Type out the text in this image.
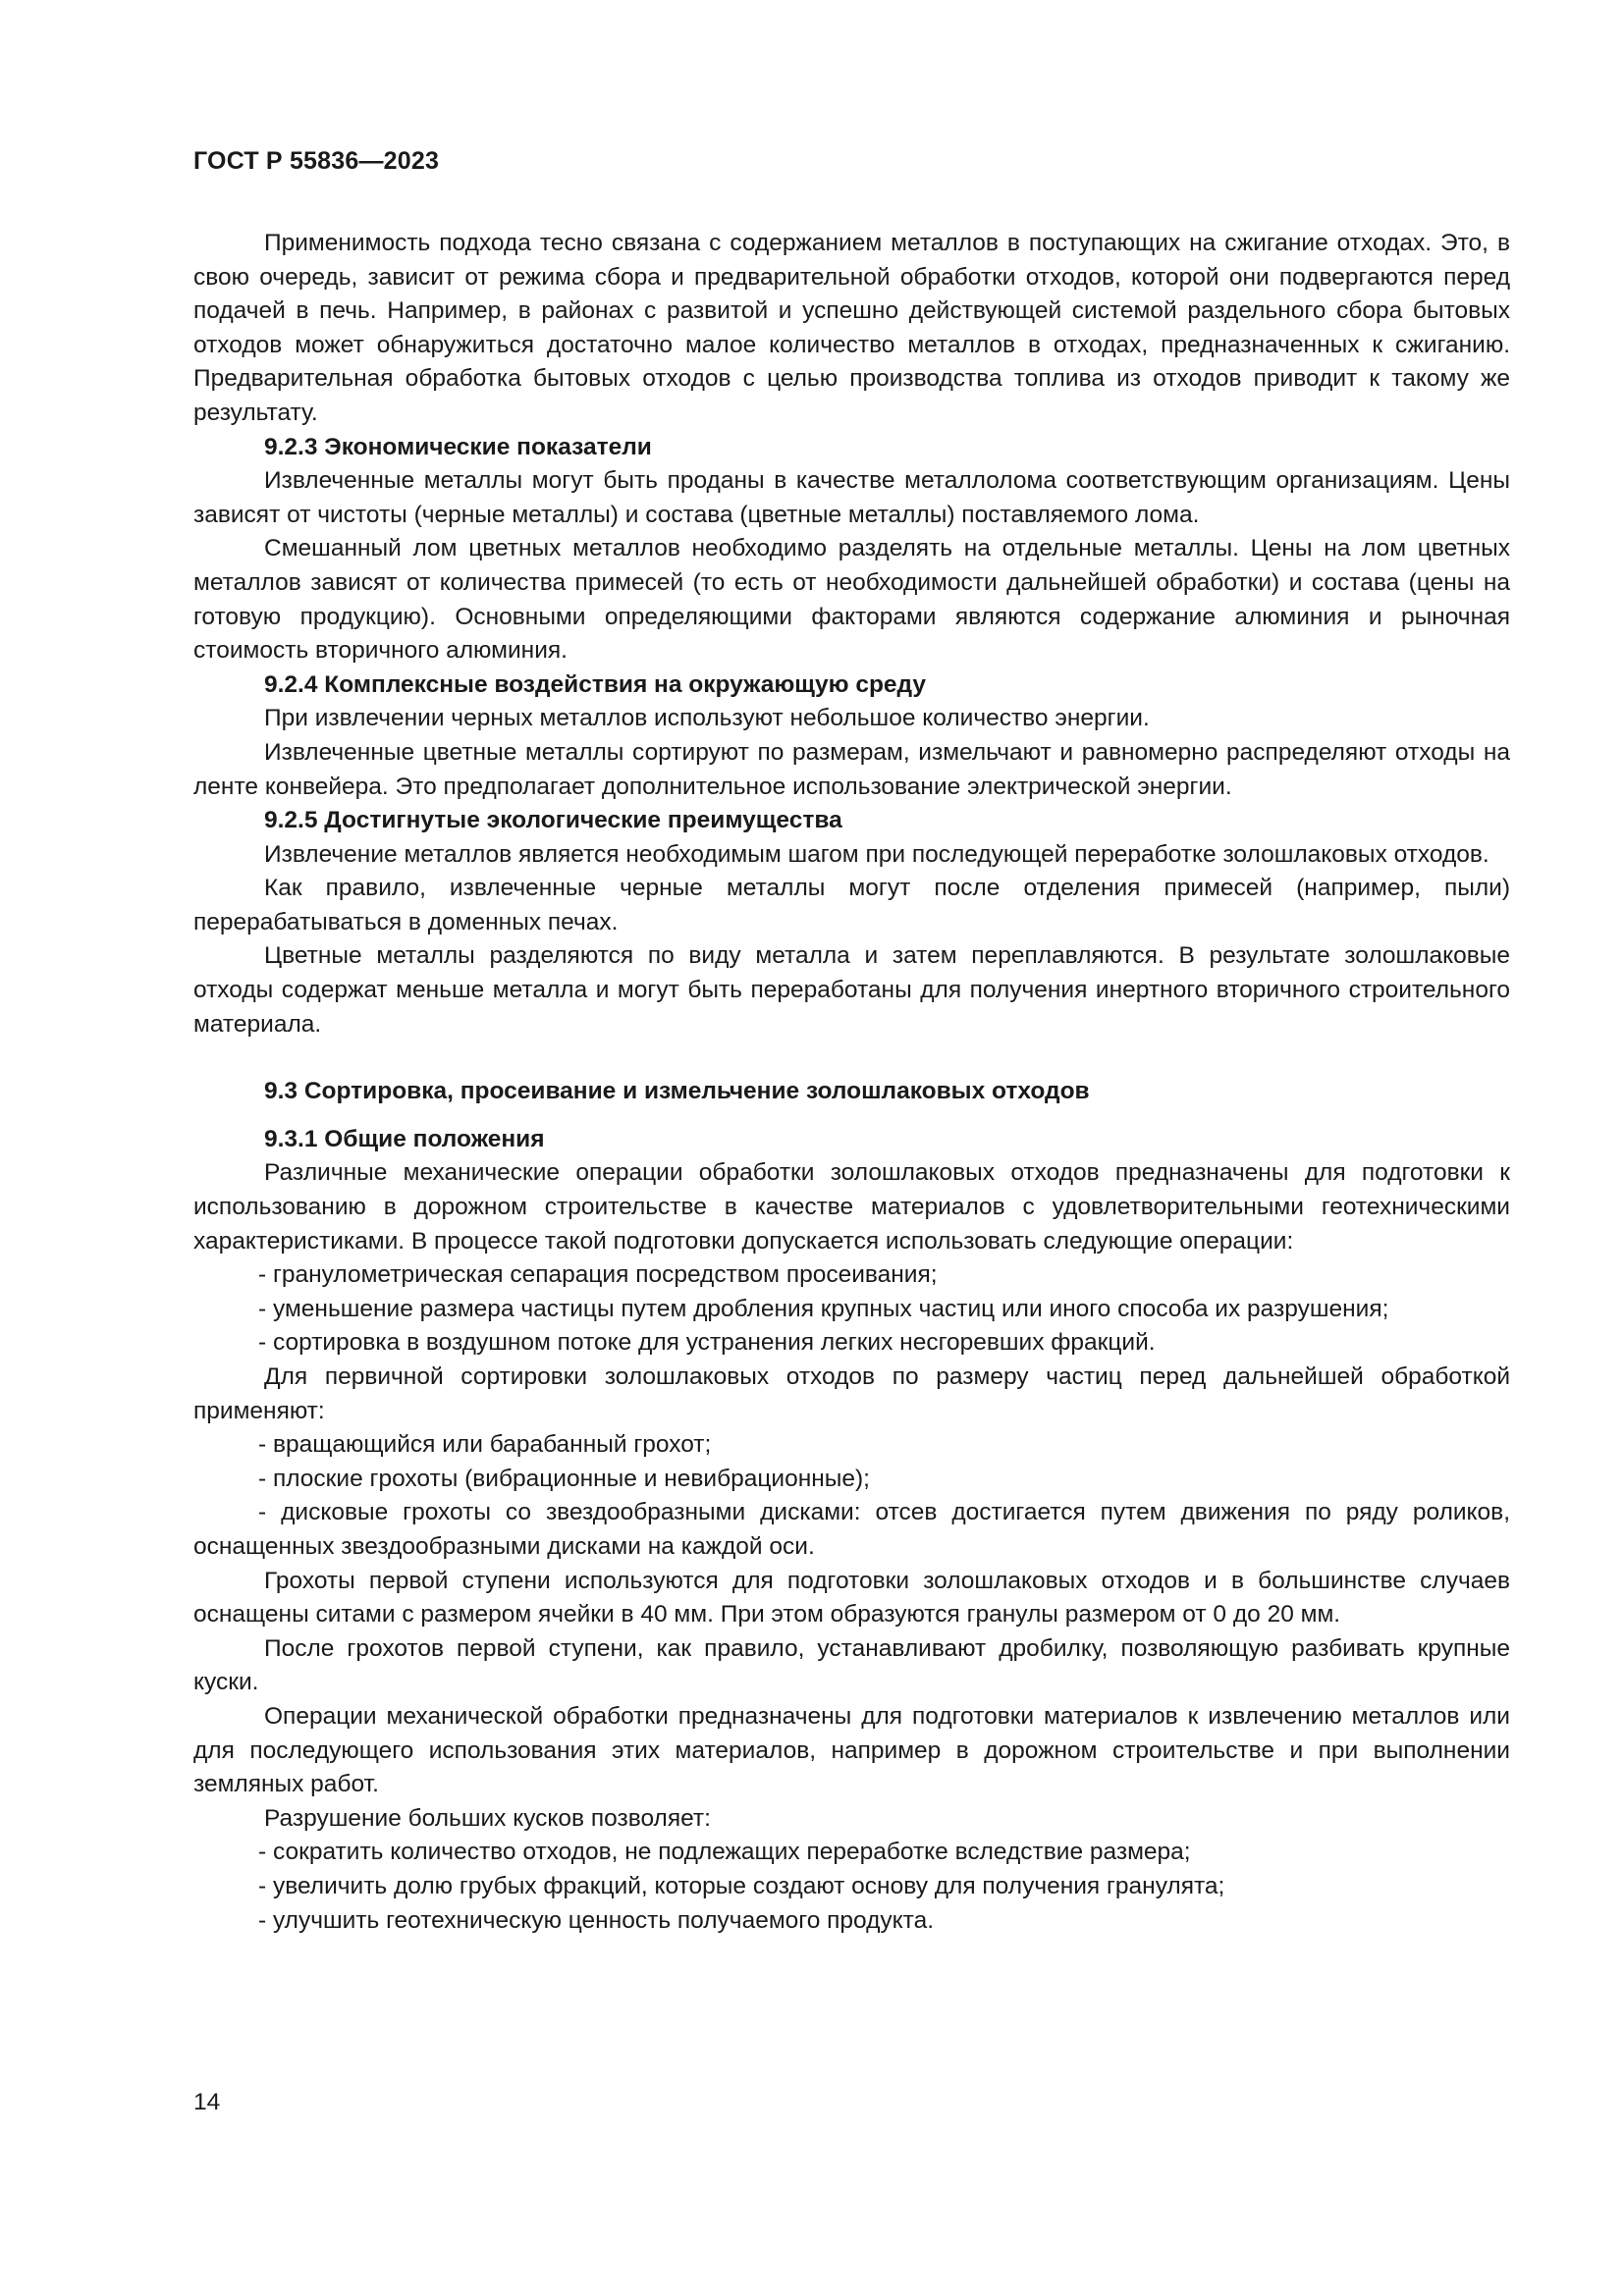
ГОСТ Р 55836—2023

Применимость подхода тесно связана с содержанием металлов в поступающих на сжигание отходах. Это, в свою очередь, зависит от режима сбора и предварительной обработки отходов, которой они подвергаются перед подачей в печь. Например, в районах с развитой и успешно действующей системой раздельного сбора бытовых отходов может обнаружиться достаточно малое количество металлов в отходах, предназначенных к сжиганию. Предварительная обработка бытовых отходов с целью производства топлива из отходов приводит к такому же результату.

9.2.3 Экономические показатели

Извлеченные металлы могут быть проданы в качестве металлолома соответствующим организациям. Цены зависят от чистоты (черные металлы) и состава (цветные металлы) поставляемого лома.

Смешанный лом цветных металлов необходимо разделять на отдельные металлы. Цены на лом цветных металлов зависят от количества примесей (то есть от необходимости дальнейшей обработки) и состава (цены на готовую продукцию). Основными определяющими факторами являются содержание алюминия и рыночная стоимость вторичного алюминия.

9.2.4 Комплексные воздействия на окружающую среду

При извлечении черных металлов используют небольшое количество энергии.

Извлеченные цветные металлы сортируют по размерам, измельчают и равномерно распределяют отходы на ленте конвейера. Это предполагает дополнительное использование электрической энергии.

9.2.5 Достигнутые экологические преимущества

Извлечение металлов является необходимым шагом при последующей переработке золошлаковых отходов.

Как правило, извлеченные черные металлы могут после отделения примесей (например, пыли) перерабатываться в доменных печах.

Цветные металлы разделяются по виду металла и затем переплавляются. В результате золошлаковые отходы содержат меньше металла и могут быть переработаны для получения инертного вторичного строительного материала.

9.3 Сортировка, просеивание и измельчение золошлаковых отходов

9.3.1 Общие положения

Различные механические операции обработки золошлаковых отходов предназначены для подготовки к использованию в дорожном строительстве в качестве материалов с удовлетворительными геотехническими характеристиками. В процессе такой подготовки допускается использовать следующие операции:

- гранулометрическая сепарация посредством просеивания;

- уменьшение размера частицы путем дробления крупных частиц или иного способа их разрушения;

- сортировка в воздушном потоке для устранения легких несгоревших фракций.

Для первичной сортировки золошлаковых отходов по размеру частиц перед дальнейшей обработкой применяют:

- вращающийся или барабанный грохот;

- плоские грохоты (вибрационные и невибрационные);

- дисковые грохоты со звездообразными дисками: отсев достигается путем движения по ряду роликов, оснащенных звездообразными дисками на каждой оси.

Грохоты первой ступени используются для подготовки золошлаковых отходов и в большинстве случаев оснащены ситами с размером ячейки в 40 мм. При этом образуются гранулы размером от 0 до 20 мм.

После грохотов первой ступени, как правило, устанавливают дробилку, позволяющую разбивать крупные куски.

Операции механической обработки предназначены для подготовки материалов к извлечению металлов или для последующего использования этих материалов, например в дорожном строительстве и при выполнении земляных работ.

Разрушение больших кусков позволяет:

- сократить количество отходов, не подлежащих переработке вследствие размера;

- увеличить долю грубых фракций, которые создают основу для получения гранулята;

- улучшить геотехническую ценность получаемого продукта.

14
